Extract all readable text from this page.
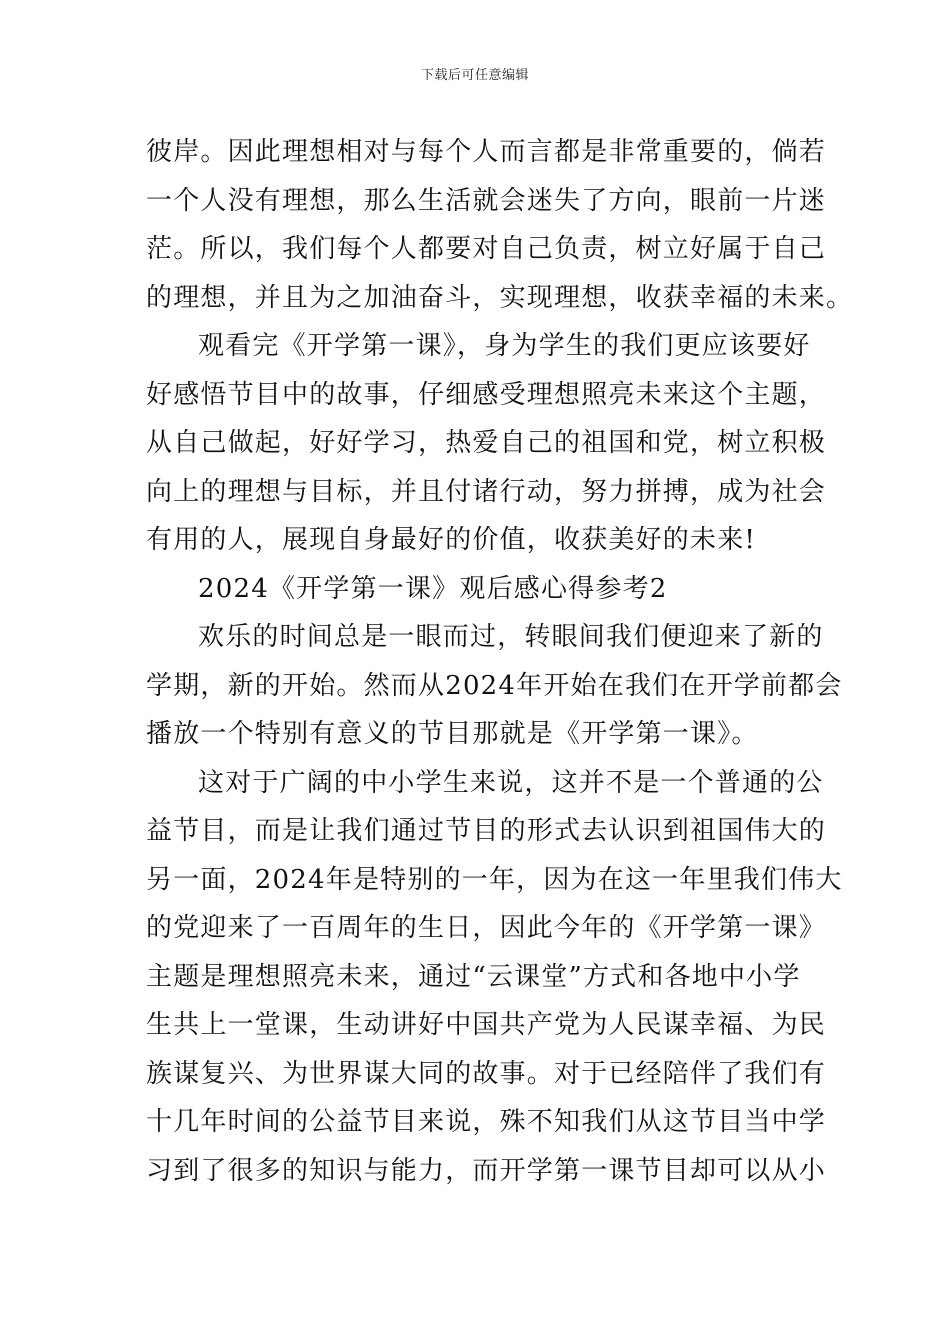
下载后可任意编辑
彼岸。因此理想相对与每个人而言都是非常重要的，倘若
一个人没有理想，那么生活就会迷失了方向，眼前一片迷
茫。所以，我们每个人都要对自己负责，树立好属于自己
的理想，并且为之加油奋斗，实现理想，收获幸福的未来。
观看完《开学第一课》，身为学生的我们更应该要好
好感悟节目中的故事，仔细感受理想照亮未来这个主题，
从自己做起，好好学习，热爱自己的祖国和党，树立积极
向上的理想与目标，并且付诸行动，努力拼搏，成为社会
有用的人，展现自身最好的价值，收获美好的未来!
2024《开学第一课》观后感心得参考2
欢乐的时间总是一眼而过，转眼间我们便迎来了新的
学期，新的开始。然而从2024年开始在我们在开学前都会
播放一个特别有意义的节目那就是《开学第一课》。
这对于广阔的中小学生来说，这并不是一个普通的公
益节目，而是让我们通过节目的形式去认识到祖国伟大的
另一面，2024年是特别的一年，因为在这一年里我们伟大
的党迎来了一百周年的生日，因此今年的《开学第一课》
主题是理想照亮未来，通过“云课堂”方式和各地中小学
生共上一堂课，生动讲好中国共产党为人民谋幸福、为民
族谋复兴、为世界谋大同的故事。对于已经陪伴了我们有
十几年时间的公益节目来说，殊不知我们从这节目当中学
习到了很多的知识与能力，而开学第一课节目却可以从小
